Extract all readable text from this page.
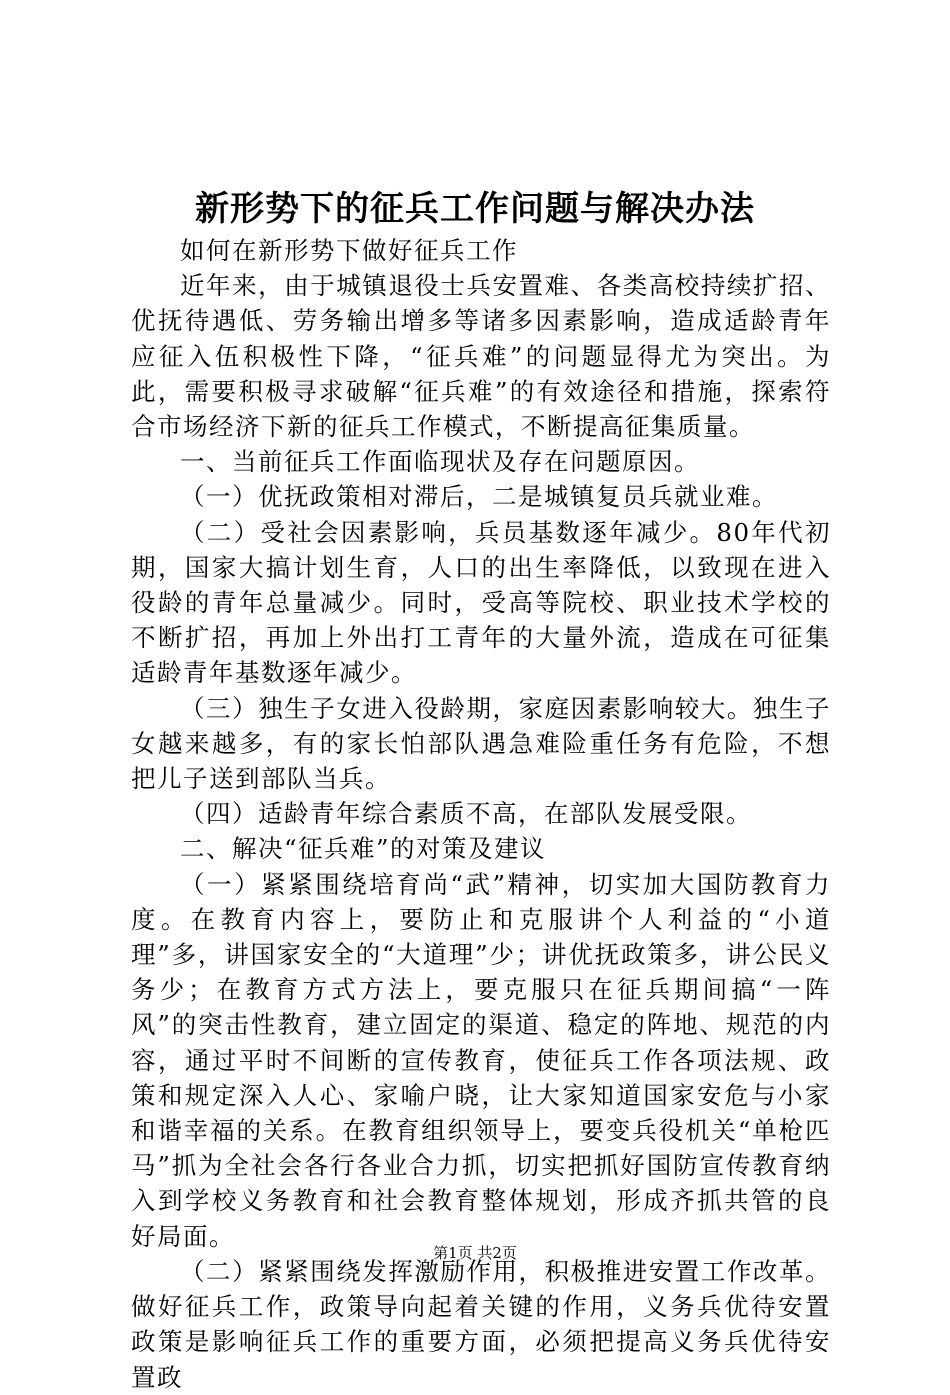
新形势下的征兵工作问题与解决办法

如何在新形势下做好征兵工作

近年来，由于城镇退役士兵安置难、各类高校持续扩招、优抚待遇低、劳务输出增多等诸多因素影响，造成适龄青年应征入伍积极性下降，“征兵难”的问题显得尤为突出。为此，需要积极寻求破解“征兵难”的有效途径和措施，探索符合市场经济下新的征兵工作模式，不断提高征集质量。

一、当前征兵工作面临现状及存在问题原因。

（一）优抚政策相对滞后，二是城镇复员兵就业难。

（二）受社会因素影响，兵员基数逐年减少。80年代初期，国家大搞计划生育，人口的出生率降低，以致现在进入役龄的青年总量减少。同时，受高等院校、职业技术学校的不断扩招，再加上外出打工青年的大量外流，造成在可征集适龄青年基数逐年减少。

（三）独生子女进入役龄期，家庭因素影响较大。独生子女越来越多，有的家长怕部队遇急难险重任务有危险，不想把儿子送到部队当兵。

（四）适龄青年综合素质不高，在部队发展受限。

二、解决“征兵难”的对策及建议

（一）紧紧围绕培育尚“武”精神，切实加大国防教育力度。在教育内容上，要防止和克服讲个人利益的“小道理”多，讲国家安全的“大道理”少；讲优抚政策多，讲公民义务少；在教育方式方法上，要克服只在征兵期间搞“一阵风”的突击性教育，建立固定的渠道、稳定的阵地、规范的内容，通过平时不间断的宣传教育，使征兵工作各项法规、政策和规定深入人心、家喻户晓，让大家知道国家安危与小家和谐幸福的关系。在教育组织领导上，要变兵役机关“单枪匹马”抓为全社会各行各业合力抓，切实把抓好国防宣传教育纳入到学校义务教育和社会教育整体规划，形成齐抓共管的良好局面。

（二）紧紧围绕发挥激励作用，积极推进安置工作改革。做好征兵工作，政策导向起着关键的作用，义务兵优待安置政策是影响征兵工作的重要方面，必须把提高义务兵优待安置政

第1页 共2页
